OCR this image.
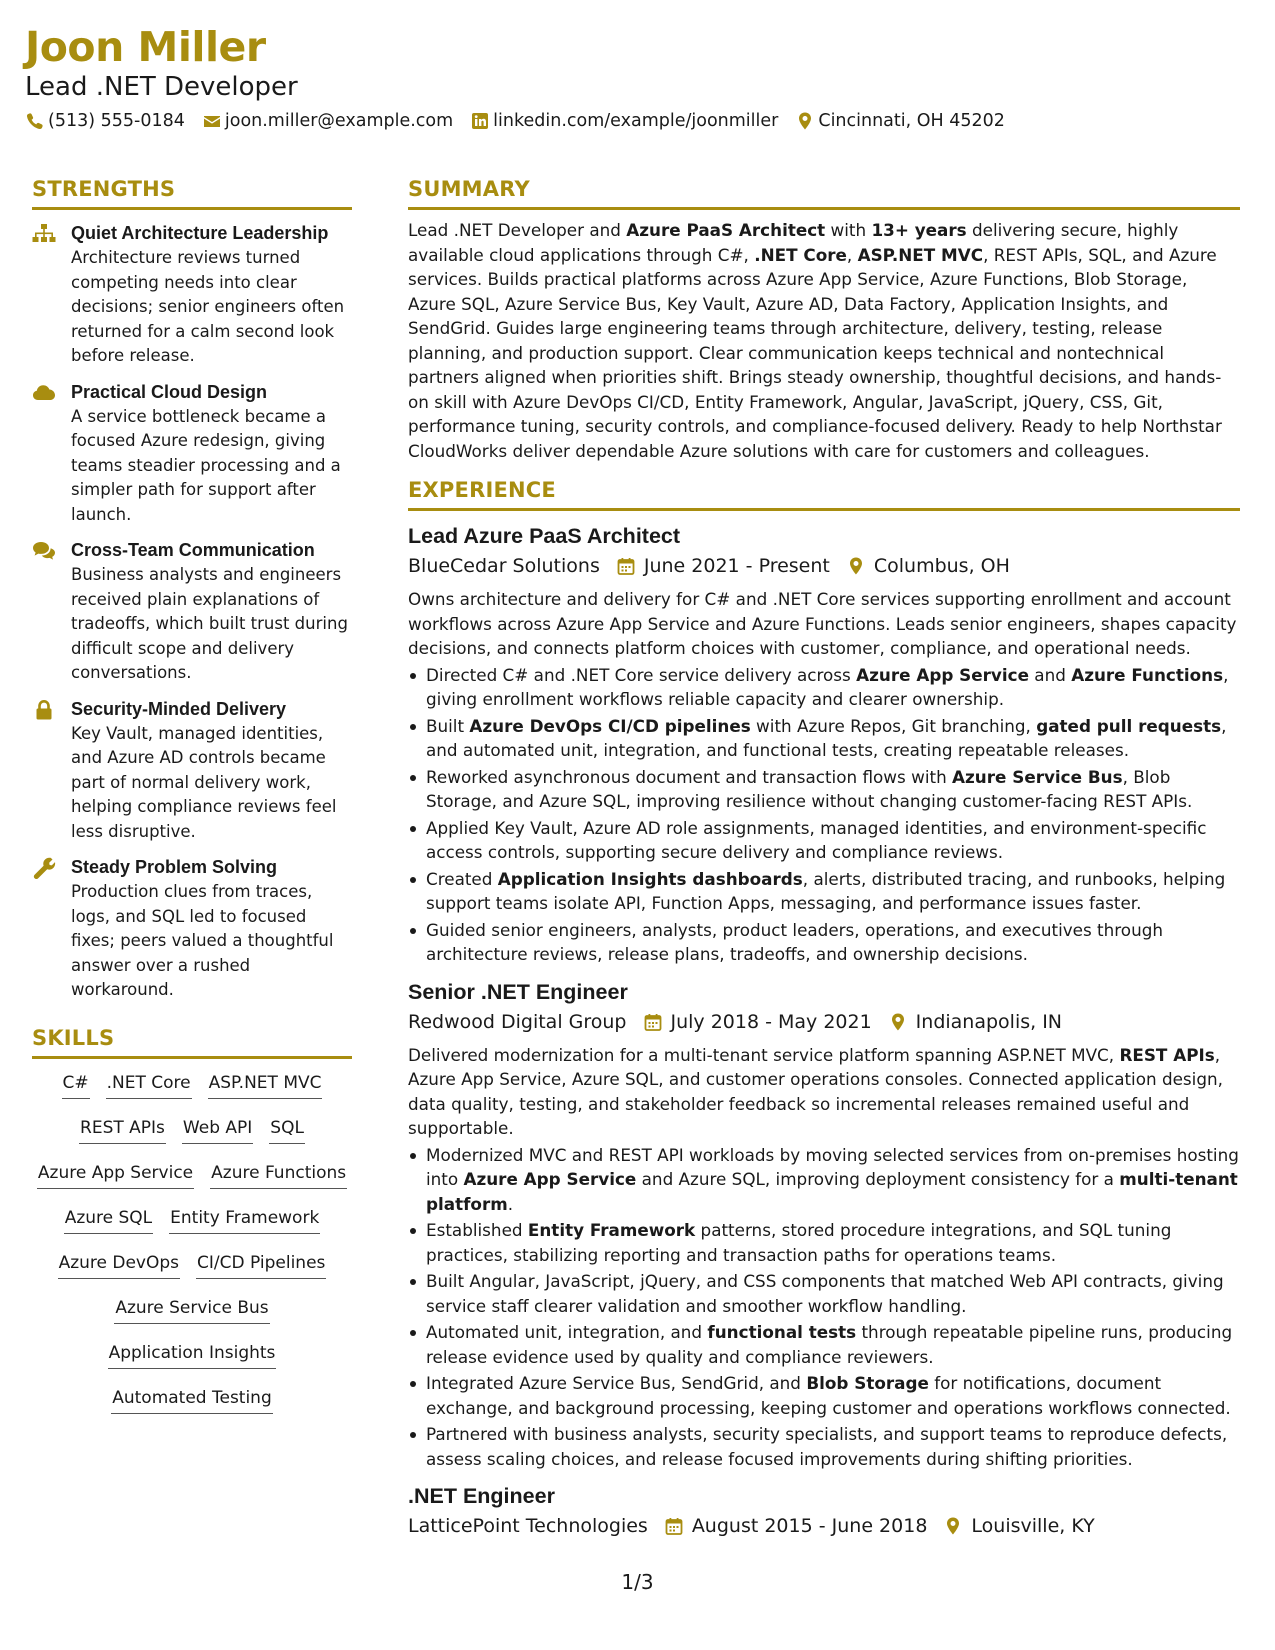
Joon Miller
Lead .NET Developer
(513) 555-0184 joon.miller@example.com linkedin.com/example/joonmiller Cincinnati, OH 45202
STRENGTHS
Quiet Architecture Leadership

Architecture reviews turned competing needs into clear decisions; senior engineers often returned for a calm second look before release.

Practical Cloud Design

A service bottleneck became a focused Azure redesign, giving teams steadier processing and a simpler path for support after launch.

Cross-Team Communication

Business analysts and engineers received plain explanations of tradeoffs, which built trust during difficult scope and delivery conversations.

Security-Minded Delivery

Key Vault, managed identities, and Azure AD controls became part of normal delivery work, helping compliance reviews feel less disruptive.

Steady Problem Solving

Production clues from traces, logs, and SQL led to focused fixes; peers valued a thoughtful answer over a rushed workaround.

SKILLS
C# .NET Core ASP.NET MVC
REST APIs Web API SQL
Azure App Service Azure Functions
Azure SQL Entity Framework
Azure DevOps CI/CD Pipelines
Azure Service Bus
Application Insights
Automated Testing
SUMMARY

Lead .NET Developer and Azure PaaS Architect with 13+ years delivering secure, highly available cloud applications through C#, .NET Core, ASP.NET MVC, REST APIs, SQL, and Azure services. Builds practical platforms across Azure App Service, Azure Functions, Blob Storage, Azure SQL, Azure Service Bus, Key Vault, Azure AD, Data Factory, Application Insights, and SendGrid. Guides large engineering teams through architecture, delivery, testing, release planning, and production support. Clear communication keeps technical and nontechnical partners aligned when priorities shift. Brings steady ownership, thoughtful decisions, and hands-on skill with Azure DevOps CI/CD, Entity Framework, Angular, JavaScript, jQuery, CSS, Git, performance tuning, security controls, and compliance-focused delivery. Ready to help Northstar CloudWorks deliver dependable Azure solutions with care for customers and colleagues.

EXPERIENCE
Lead Azure PaaS Architect
BlueCedar Solutions June 2021 - Present Columbus, OH

Owns architecture and delivery for C# and .NET Core services supporting enrollment and account workflows across Azure App Service and Azure Functions. Leads senior engineers, shapes capacity decisions, and connects platform choices with customer, compliance, and operational needs.

Directed C# and .NET Core service delivery across Azure App Service and Azure Functions, giving enrollment workflows reliable capacity and clearer ownership.
Built Azure DevOps CI/CD pipelines with Azure Repos, Git branching, gated pull requests, and automated unit, integration, and functional tests, creating repeatable releases.
Reworked asynchronous document and transaction flows with Azure Service Bus, Blob Storage, and Azure SQL, improving resilience without changing customer-facing REST APIs.
Applied Key Vault, Azure AD role assignments, managed identities, and environment-specific access controls, supporting secure delivery and compliance reviews.
Created Application Insights dashboards, alerts, distributed tracing, and runbooks, helping support teams isolate API, Function Apps, messaging, and performance issues faster.
Guided senior engineers, analysts, product leaders, operations, and executives through architecture reviews, release plans, tradeoffs, and ownership decisions.
Senior .NET Engineer
Redwood Digital Group July 2018 - May 2021 Indianapolis, IN

Delivered modernization for a multi-tenant service platform spanning ASP.NET MVC, REST APIs, Azure App Service, Azure SQL, and customer operations consoles. Connected application design, data quality, testing, and stakeholder feedback so incremental releases remained useful and supportable.

Modernized MVC and REST API workloads by moving selected services from on-premises hosting into Azure App Service and Azure SQL, improving deployment consistency for a multi-tenant platform.
Established Entity Framework patterns, stored procedure integrations, and SQL tuning practices, stabilizing reporting and transaction paths for operations teams.
Built Angular, JavaScript, jQuery, and CSS components that matched Web API contracts, giving service staff clearer validation and smoother workflow handling.
Automated unit, integration, and functional tests through repeatable pipeline runs, producing release evidence used by quality and compliance reviewers.
Integrated Azure Service Bus, SendGrid, and Blob Storage for notifications, document exchange, and background processing, keeping customer and operations workflows connected.
Partnered with business analysts, security specialists, and support teams to reproduce defects, assess scaling choices, and release focused improvements during shifting priorities.
.NET Engineer
LatticePoint Technologies August 2015 - June 2018 Louisville, KY
1/3
